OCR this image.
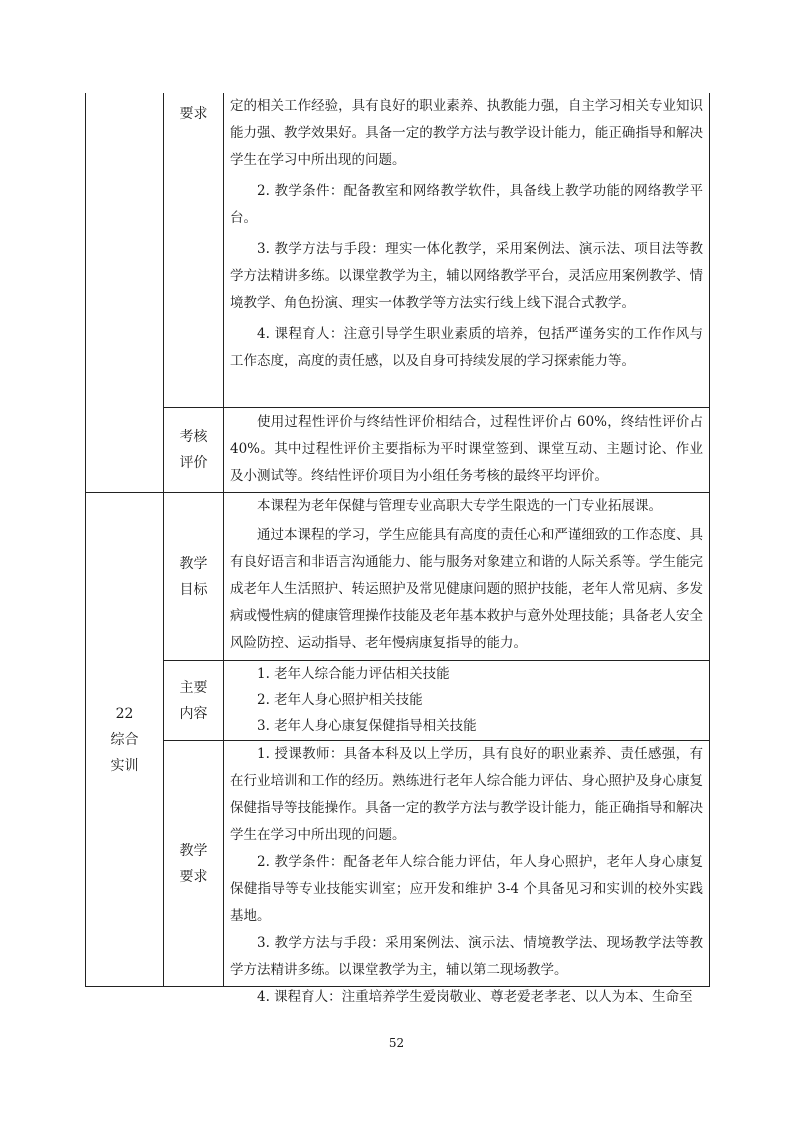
要求 定的相关工作经验，具有良好的职业素养、执教能力强，自主学习相关专业知识能力强、教学效果好。具备一定的教学方法与教学设计能力，能正确指导和解决学生在学习中所出现的问题。

2. 教学条件：配备教室和网络教学软件，具备线上教学功能的网络教学平台。

3. 教学方法与手段：理实一体化教学，采用案例法、演示法、项目法等教学方法精讲多练。以课堂教学为主，辅以网络教学平台，灵活应用案例教学、情境教学、角色扮演、理实一体教学等方法实行线上线下混合式教学。

4. 课程育人：注意引导学生职业素质的培养，包括严谨务实的工作作风与工作态度，高度的责任感，以及自身可持续发展的学习探索能力等。

考核
评价

使用过程性评价与终结性评价相结合，过程性评价占 60%，终结性评价占 40%。其中过程性评价主要指标为平时课堂签到、课堂互动、主题讨论、作业及小测试等。终结性评价项目为小组任务考核的最终平均评价。

22
综合
实训
教学
目标

本课程为老年保健与管理专业高职大专学生限选的一门专业拓展课。

通过本课程的学习，学生应能具有高度的责任心和严谨细致的工作态度、具有良好语言和非语言沟通能力、能与服务对象建立和谐的人际关系等。学生能完成老年人生活照护、转运照护及常见健康问题的照护技能，老年人常见病、多发病或慢性病的健康管理操作技能及老年基本救护与意外处理技能；具备老人安全风险防控、运动指导、老年慢病康复指导的能力。

主要
内容

1. 老年人综合能力评估相关技能

2. 老年人身心照护相关技能

3. 老年人身心康复保健指导相关技能

教学
要求

1. 授课教师：具备本科及以上学历，具有良好的职业素养、责任感强，有在行业培训和工作的经历。熟练进行老年人综合能力评估、身心照护及身心康复保健指导等技能操作。具备一定的教学方法与教学设计能力，能正确指导和解决学生在学习中所出现的问题。

2. 教学条件：配备老年人综合能力评估，年人身心照护，老年人身心康复保健指导等专业技能实训室；应开发和维护 3-4 个具备见习和实训的校外实践基地。

3. 教学方法与手段：采用案例法、演示法、情境教学法、现场教学法等教学方法精讲多练。以课堂教学为主，辅以第二现场教学。

4. 课程育人：注重培养学生爱岗敬业、尊老爱老孝老、以人为本、生命至

52
